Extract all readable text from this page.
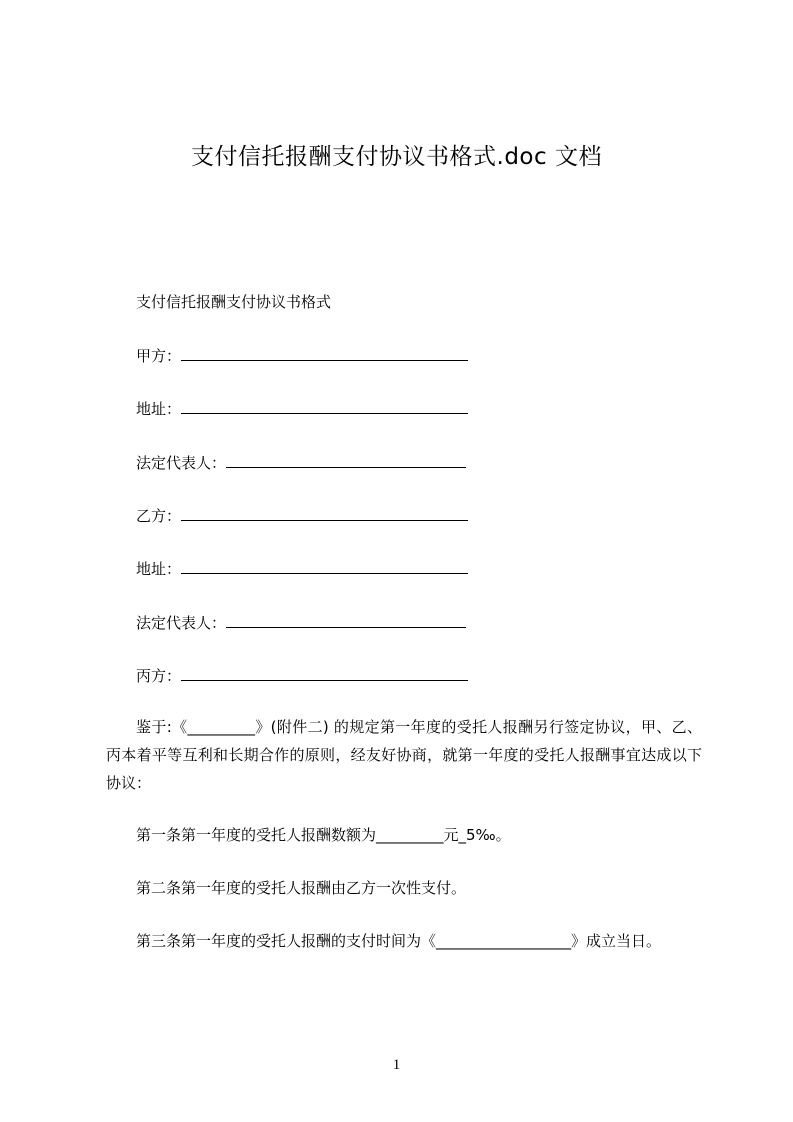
支付信托报酬支付协议书格式.doc 文档
支付信托报酬支付协议书格式
甲方：
地址：
法定代表人：
乙方：
地址：
法定代表人：
丙方：
鉴于:《_________》(附件二) 的规定第一年度的受托人报酬另行签定协议，甲、乙、丙本着平等互利和长期合作的原则，经友好协商，就第一年度的受托人报酬事宜达成以下协议：
第一条第一年度的受托人报酬数额为_________元_5‰。
第二条第一年度的受托人报酬由乙方一次性支付。
第三条第一年度的受托人报酬的支付时间为《__________________》成立当日。
1
